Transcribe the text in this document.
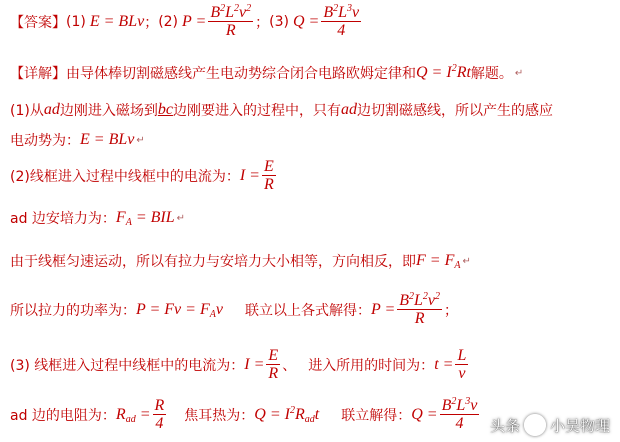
【答案】 (1) E = BLv ； (2) $P = \frac{B^2L^2v^2}{R}$ ； (3) $Q = \frac{B^2L^3v}{4}$
【详解】 由导体棒切割磁感线产生电动势综合闭合电路欧姆定律和 $Q = I^2Rt$ 解题。 ↵
(1)从 ad 边刚进入磁场到 bc 边刚要进入的过程中，只有 ad 边切割磁感线，所以产生的感应
电动势为： E = BLv ↵
(2)线框进入过程中线框中的电流为： $I = \frac{E}{R}$
ad 边安培力为： $F_A$ = BIL ↵
由于线框匀速运动，所以有拉力与安培力大小相等，方向相反，即 $F = F_A$ ↵
所以拉力的功率为： $P = Fv = F_Av$ 联立以上各式解得： $P = \frac{B^2L^2v^2}{R}$ ；
(3) 线框进入过程中线框中的电流为： $I = \frac{E}{R}$ 、 进入所用的时间为： $t = \frac{L}{v}$
ad 边的电阻为： $R_{ad} = \frac{R}{4}$ 焦耳热为： $Q = I^2R_{ad}t$ 联立解得： $Q = \frac{B^2L^3v}{4}$ 头条 小吴物理
